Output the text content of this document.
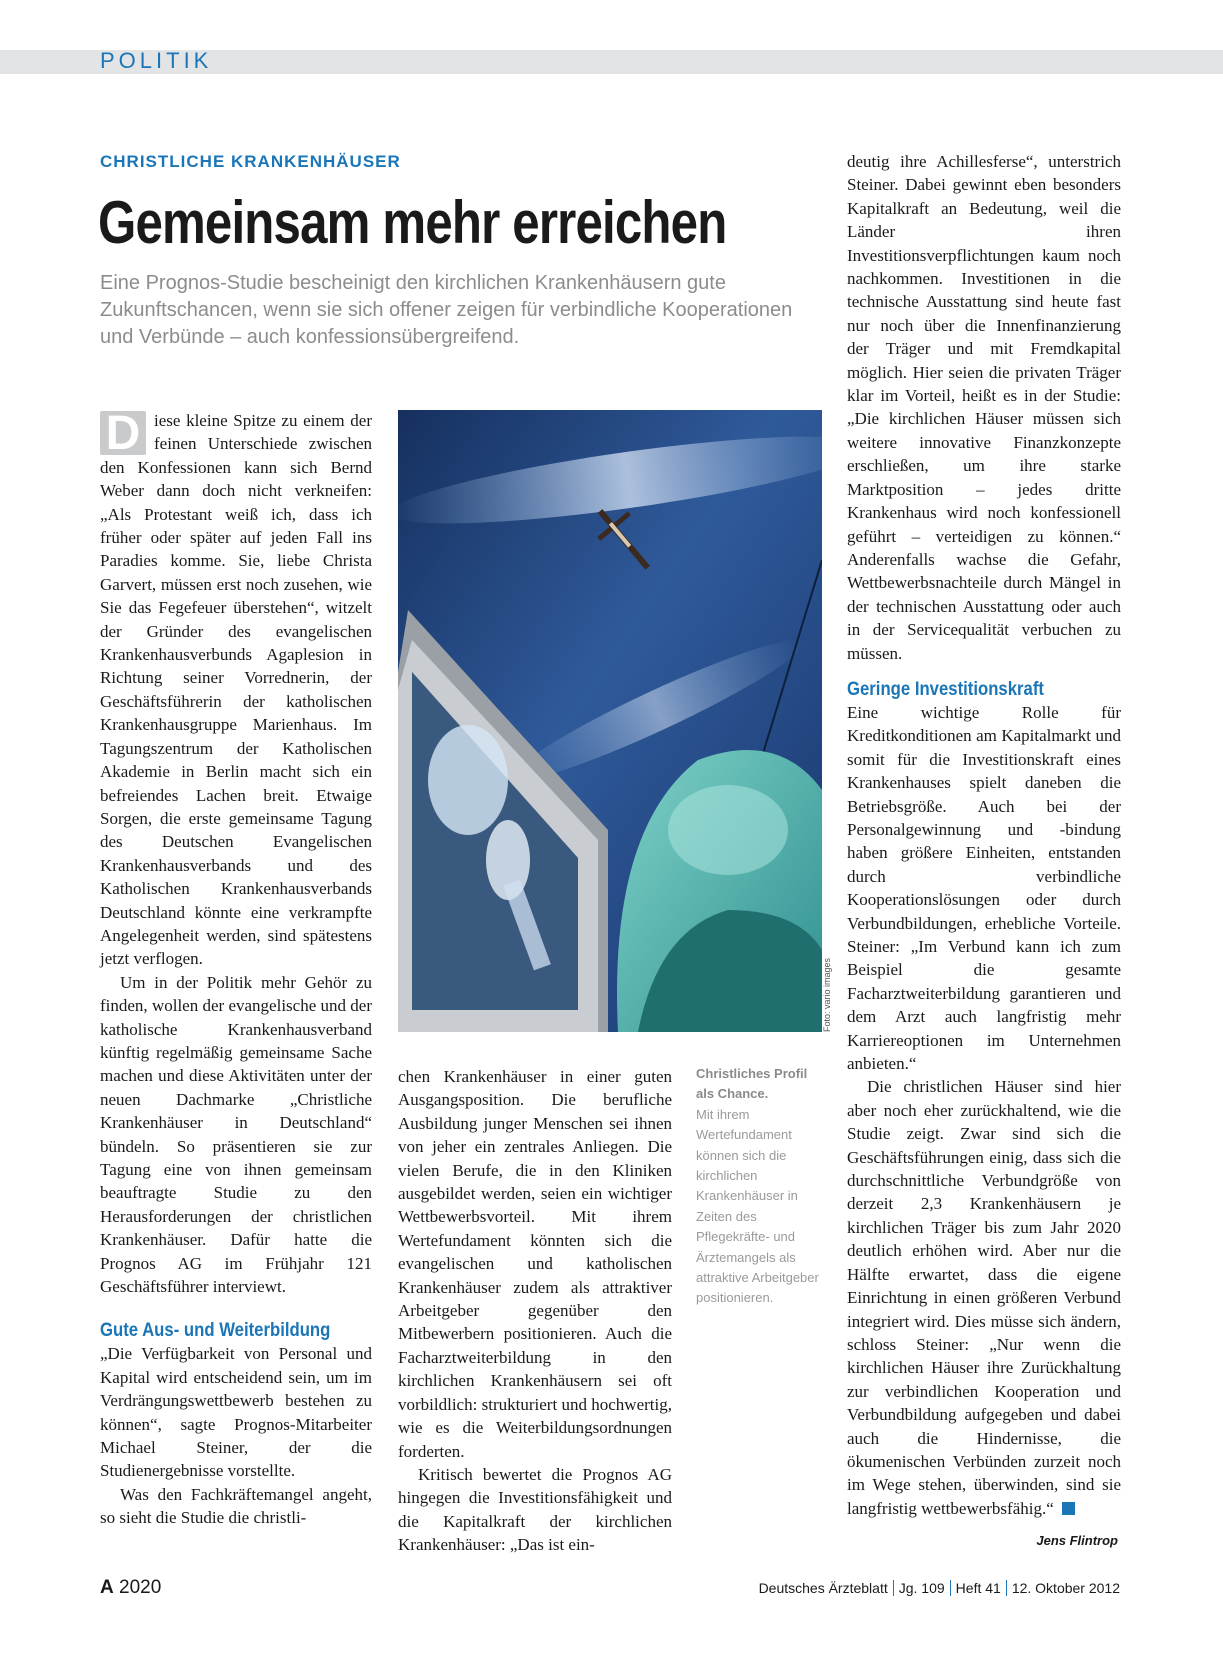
POLITIK
CHRISTLICHE KRANKENHÄUSER
Gemeinsam mehr erreichen

Eine Prognos-Studie bescheinigt den kirchlichen Krankenhäusern gute Zukunftschancen, wenn sie sich offener zeigen für verbindliche Kooperationen und Verbünde – auch konfessionsübergreifend.

D iese kleine Spitze zu einem der feinen Unterschiede zwischen den Konfessionen kann sich Bernd Weber dann doch nicht verkneifen: „Als Protestant weiß ich, dass ich früher oder später auf jeden Fall ins Paradies komme. Sie, liebe Christa Garvert, müssen erst noch zusehen, wie Sie das Fegefeuer überstehen“, witzelt der Gründer des evangelischen Krankenhausverbunds Agaplesion in Richtung seiner Vorrednerin, der Geschäftsführerin der katholischen Krankenhausgruppe Marienhaus. Im Tagungszentrum der Katholischen Akademie in Berlin macht sich ein befreiendes Lachen breit. Etwaige Sorgen, die erste gemeinsame Tagung des Deutschen Evangelischen Krankenhausverbands und des Katholischen Krankenhausverbands Deutschland könnte eine verkrampfte Angelegenheit werden, sind spätestens jetzt verflogen.

Um in der Politik mehr Gehör zu finden, wollen der evangelische und der katholische Krankenhausverband künftig regelmäßig gemeinsame Sache machen und diese Aktivitäten unter der neuen Dachmarke „Christliche Krankenhäuser in Deutschland“ bündeln. So präsentieren sie zur Tagung eine von ihnen gemeinsam beauftragte Studie zu den Herausforderungen der christlichen Krankenhäuser. Dafür hatte die Prognos AG im Frühjahr 121 Geschäftsführer interviewt.

Gute Aus- und Weiterbildung

„Die Verfügbarkeit von Personal und Kapital wird entscheidend sein, um im Verdrängungswettbewerb bestehen zu können“, sagte Prognos-Mitarbeiter Michael Steiner, der die Studienergebnisse vorstellte.

Was den Fachkräftemangel angeht, so sieht die Studie die christli-

Foto: vario images
Christliches Profil als Chance.
Mit ihrem Wertefundament können sich die kirchlichen Krankenhäuser in Zeiten des Pflegekräfte- und Ärztemangels als attraktive Arbeitgeber positionieren.

chen Krankenhäuser in einer guten Ausgangsposition. Die berufliche Ausbildung junger Menschen sei ihnen von jeher ein zentrales Anliegen. Die vielen Berufe, die in den Kliniken ausgebildet werden, seien ein wichtiger Wettbewerbsvorteil. Mit ihrem Wertefundament könnten sich die evangelischen und katholischen Krankenhäuser zudem als attraktiver Arbeitgeber gegenüber den Mitbewerbern positionieren. Auch die Facharztweiterbildung in den kirchlichen Krankenhäusern sei oft vorbildlich: strukturiert und hochwertig, wie es die Weiterbildungsordnungen forderten.

Kritisch bewertet die Prognos AG hingegen die Investitionsfähigkeit und die Kapitalkraft der kirchlichen Krankenhäuser: „Das ist ein-

deutig ihre Achillesferse“, unterstrich Steiner. Dabei gewinnt eben besonders Kapitalkraft an Bedeutung, weil die Länder ihren Investitionsverpflichtungen kaum noch nachkommen. Investitionen in die technische Ausstattung sind heute fast nur noch über die Innenfinanzierung der Träger und mit Fremdkapital möglich. Hier seien die privaten Träger klar im Vorteil, heißt es in der Studie: „Die kirchlichen Häuser müssen sich weitere innovative Finanzkonzepte erschließen, um ihre starke Marktposition – jedes dritte Krankenhaus wird noch konfessionell geführt – verteidigen zu können.“ Anderenfalls wachse die Gefahr, Wettbewerbsnachteile durch Mängel in der technischen Ausstattung oder auch in der Servicequalität verbuchen zu müssen.

Geringe Investitionskraft

Eine wichtige Rolle für Kreditkonditionen am Kapitalmarkt und somit für die Investitionskraft eines Krankenhauses spielt daneben die Betriebsgröße. Auch bei der Personalgewinnung und -bindung haben größere Einheiten, entstanden durch verbindliche Kooperationslösungen oder durch Verbundbildungen, erhebliche Vorteile. Steiner: „Im Verbund kann ich zum Beispiel die gesamte Facharztweiterbildung garantieren und dem Arzt auch langfristig mehr Karriereoptionen im Unternehmen anbieten.“

Die christlichen Häuser sind hier aber noch eher zurückhaltend, wie die Studie zeigt. Zwar sind sich die Geschäftsführungen einig, dass sich die durchschnittliche Verbundgröße von derzeit 2,3 Krankenhäusern je kirchlichen Träger bis zum Jahr 2020 deutlich erhöhen wird. Aber nur die Hälfte erwartet, dass die eigene Einrichtung in einen größeren Verbund integriert wird. Dies müsse sich ändern, schloss Steiner: „Nur wenn die kirchlichen Häuser ihre Zurückhaltung zur verbindlichen Kooperation und Verbundbildung aufgegeben und dabei auch die Hindernisse, die ökumenischen Verbünden zurzeit noch im Wege stehen, überwinden, sind sie langfristig wettbewerbsfähig.“

Jens Flintrop
A 2020	Deutsches Ärzteblatt Jg. 109 Heft 41 12. Oktober 2012
